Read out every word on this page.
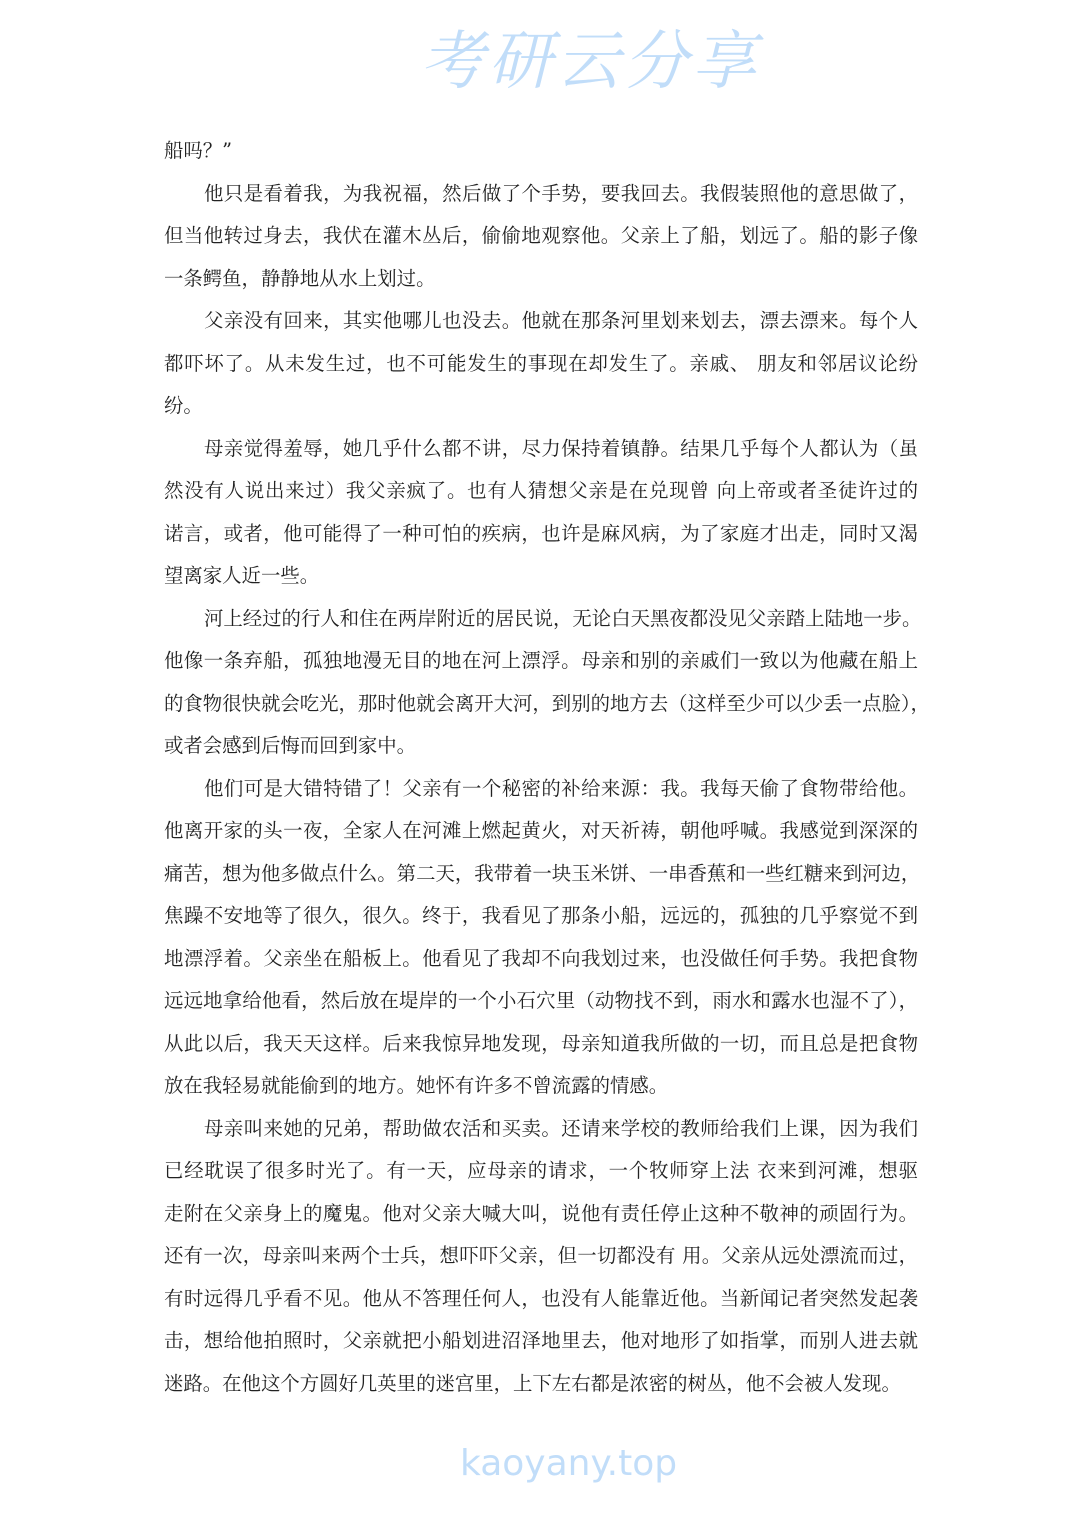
考研云分享
kaoyany.top
船吗？”
他只是看着我，为我祝福，然后做了个手势，要我回去。我假装照他的意思做了，
但当他转过身去，我伏在灌木丛后，偷偷地观察他。父亲上了船，划远了。船的影子像
一条鳄鱼，静静地从水上划过。
父亲没有回来，其实他哪儿也没去。他就在那条河里划来划去，漂去漂来。每个人
都吓坏了。从未发生过，也不可能发生的事现在却发生了。亲戚、 朋友和邻居议论纷
纷。
母亲觉得羞辱，她几乎什么都不讲，尽力保持着镇静。结果几乎每个人都认为（虽
然没有人说出来过）我父亲疯了。也有人猜想父亲是在兑现曾 向上帝或者圣徒许过的
诺言，或者，他可能得了一种可怕的疾病，也许是麻风病，为了家庭才出走，同时又渴
望离家人近一些。
河上经过的行人和住在两岸附近的居民说，无论白天黑夜都没见父亲踏上陆地一步。
他像一条弃船，孤独地漫无目的地在河上漂浮。母亲和别的亲戚们一致以为他藏在船上
的食物很快就会吃光，那时他就会离开大河，到别的地方去（这样至少可以少丢一点脸），
或者会感到后悔而回到家中。
他们可是大错特错了！父亲有一个秘密的补给来源：我。我每天偷了食物带给他。
他离开家的头一夜，全家人在河滩上燃起黄火，对天祈祷，朝他呼喊。我感觉到深深的
痛苦，想为他多做点什么。第二天，我带着一块玉米饼、一串香蕉和一些红糖来到河边，
焦躁不安地等了很久，很久。终于，我看见了那条小船，远远的，孤独的几乎察觉不到
地漂浮着。父亲坐在船板上。他看见了我却不向我划过来，也没做任何手势。我把食物
远远地拿给他看，然后放在堤岸的一个小石穴里（动物找不到，雨水和露水也湿不了），
从此以后，我天天这样。后来我惊异地发现，母亲知道我所做的一切，而且总是把食物
放在我轻易就能偷到的地方。她怀有许多不曾流露的情感。
母亲叫来她的兄弟，帮助做农活和买卖。还请来学校的教师给我们上课，因为我们
已经耽误了很多时光了。有一天，应母亲的请求，一个牧师穿上法 衣来到河滩，想驱
走附在父亲身上的魔鬼。他对父亲大喊大叫，说他有责任停止这种不敬神的顽固行为。
还有一次，母亲叫来两个士兵，想吓吓父亲，但一切都没有 用。父亲从远处漂流而过，
有时远得几乎看不见。他从不答理任何人，也没有人能靠近他。当新闻记者突然发起袭
击，想给他拍照时，父亲就把小船划进沼泽地里去，他对地形了如指掌，而别人进去就
迷路。在他这个方圆好几英里的迷宫里，上下左右都是浓密的树丛，他不会被人发现。
